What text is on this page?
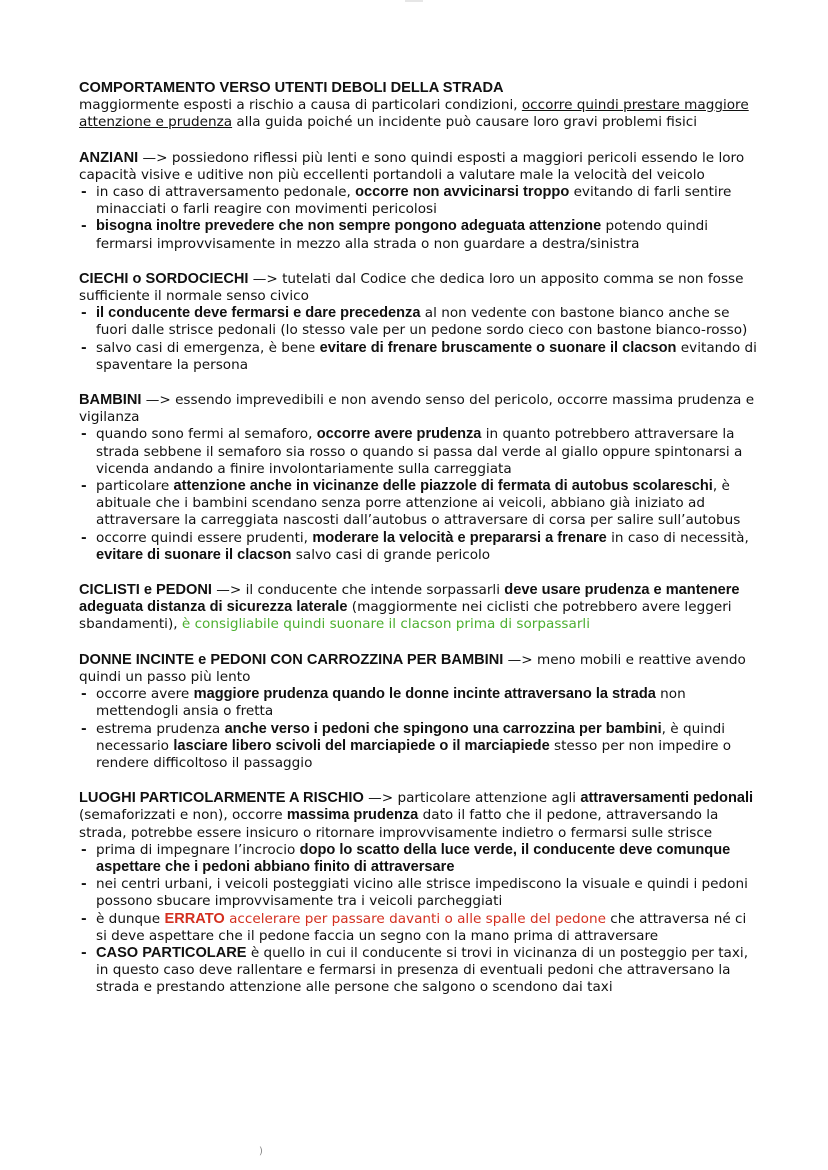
COMPORTAMENTO VERSO UTENTI DEBOLI DELLA STRADA
maggiormente esposti a rischio a causa di particolari condizioni, occorre quindi prestare maggiore attenzione e prudenza alla guida poiché un incidente può causare loro gravi problemi fisici
ANZIANI —> possiedono riflessi più lenti e sono quindi esposti a maggiori pericoli essendo le loro capacità visive e uditive non più eccellenti portandoli a valutare male la velocità del veicolo
- in caso di attraversamento pedonale, occorre non avvicinarsi troppo evitando di farli sentire minacciati o farli reagire con movimenti pericolosi
- bisogna inoltre prevedere che non sempre pongono adeguata attenzione potendo quindi fermarsi improvvisamente in mezzo alla strada o non guardare a destra/sinistra
CIECHI o SORDOCIECHI —> tutelati dal Codice che dedica loro un apposito comma se non fosse sufficiente il normale senso civico
- il conducente deve fermarsi e dare precedenza al non vedente con bastone bianco anche se fuori dalle strisce pedonali (lo stesso vale per un pedone sordo cieco con bastone bianco-rosso)
- salvo casi di emergenza, è bene evitare di frenare bruscamente o suonare il clacson evitando di spaventare la persona
BAMBINI —> essendo imprevedibili e non avendo senso del pericolo, occorre massima prudenza e vigilanza
- quando sono fermi al semaforo, occorre avere prudenza in quanto potrebbero attraversare la strada sebbene il semaforo sia rosso o quando si passa dal verde al giallo oppure spintonarsi a vicenda andando a finire involontariamente sulla carreggiata
- particolare attenzione anche in vicinanze delle piazzole di fermata di autobus scolareschi, è abituale che i bambini scendano senza porre attenzione ai veicoli, abbiano già iniziato ad attraversare la carreggiata nascosti dall’autobus o attraversare di corsa per salire sull’autobus
- occorre quindi essere prudenti, moderare la velocità e prepararsi a frenare in caso di necessità, evitare di suonare il clacson salvo casi di grande pericolo
CICLISTI e PEDONI —> il conducente che intende sorpassarli deve usare prudenza e mantenere adeguata distanza di sicurezza laterale (maggiormente nei ciclisti che potrebbero avere leggeri sbandamenti), è consigliabile quindi suonare il clacson prima di sorpassarli
DONNE INCINTE e PEDONI CON CARROZZINA PER BAMBINI —> meno mobili e reattive avendo quindi un passo più lento
- occorre avere maggiore prudenza quando le donne incinte attraversano la strada non mettendogli ansia o fretta
- estrema prudenza anche verso i pedoni che spingono una carrozzina per bambini, è quindi necessario lasciare libero scivoli del marciapiede o il marciapiede stesso per non impedire o rendere difficoltoso il passaggio
LUOGHI PARTICOLARMENTE A RISCHIO —> particolare attenzione agli attraversamenti pedonali (semaforizzati e non), occorre massima prudenza dato il fatto che il pedone, attraversando la strada, potrebbe essere insicuro o ritornare improvvisamente indietro o fermarsi sulle strisce
- prima di impegnare l’incrocio dopo lo scatto della luce verde, il conducente deve comunque aspettare che i pedoni abbiano finito di attraversare
- nei centri urbani, i veicoli posteggiati vicino alle strisce impediscono la visuale e quindi i pedoni possono sbucare improvvisamente tra i veicoli parcheggiati
- è dunque ERRATO accelerare per passare davanti o alle spalle del pedone che attraversa né ci si deve aspettare che il pedone faccia un segno con la mano prima di attraversare
- CASO PARTICOLARE è quello in cui il conducente si trovi in vicinanza di un posteggio per taxi, in questo caso deve rallentare e fermarsi in presenza di eventuali pedoni che attraversano la strada e prestando attenzione alle persone che salgono o scendono dai taxi
)
